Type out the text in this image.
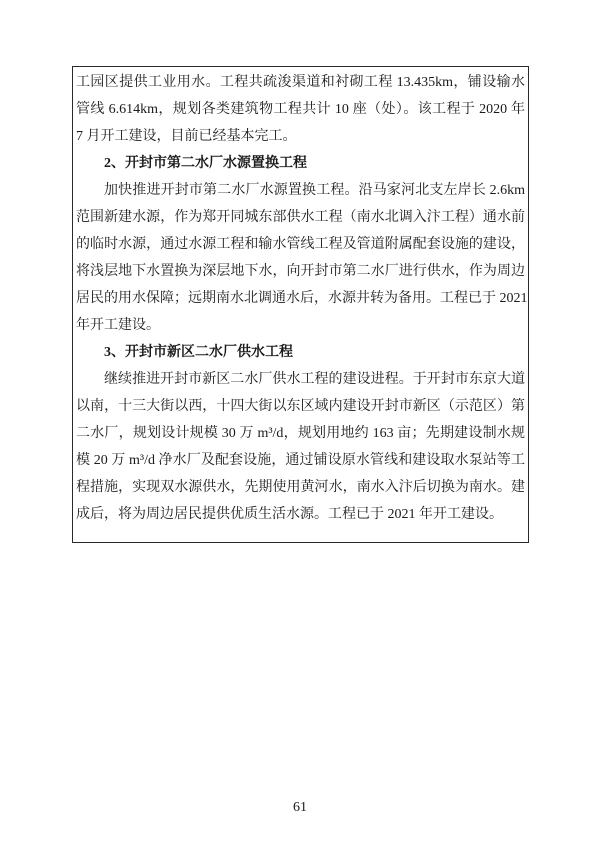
工园区提供工业用水。工程共疏浚渠道和衬砌工程 13.435km，铺设输水
管线 6.614km，规划各类建筑物工程共计 10 座（处）。该工程于 2020 年
7 月开工建设，目前已经基本完工。
2、开封市第二水厂水源置换工程
加快推进开封市第二水厂水源置换工程。沿马家河北支左岸长 2.6km
范围新建水源，作为郑开同城东部供水工程（南水北调入汴工程）通水前
的临时水源，通过水源工程和输水管线工程及管道附属配套设施的建设，
将浅层地下水置换为深层地下水，向开封市第二水厂进行供水，作为周边
居民的用水保障；远期南水北调通水后，水源井转为备用。工程已于 2021
年开工建设。
3、开封市新区二水厂供水工程
继续推进开封市新区二水厂供水工程的建设进程。于开封市东京大道
以南，十三大街以西，十四大街以东区域内建设开封市新区（示范区）第
二水厂，规划设计规模 30 万 m³/d，规划用地约 163 亩；先期建设制水规
模 20 万 m³/d 净水厂及配套设施，通过铺设原水管线和建设取水泵站等工
程措施，实现双水源供水，先期使用黄河水，南水入汴后切换为南水。建
成后，将为周边居民提供优质生活水源。工程已于 2021 年开工建设。
61
